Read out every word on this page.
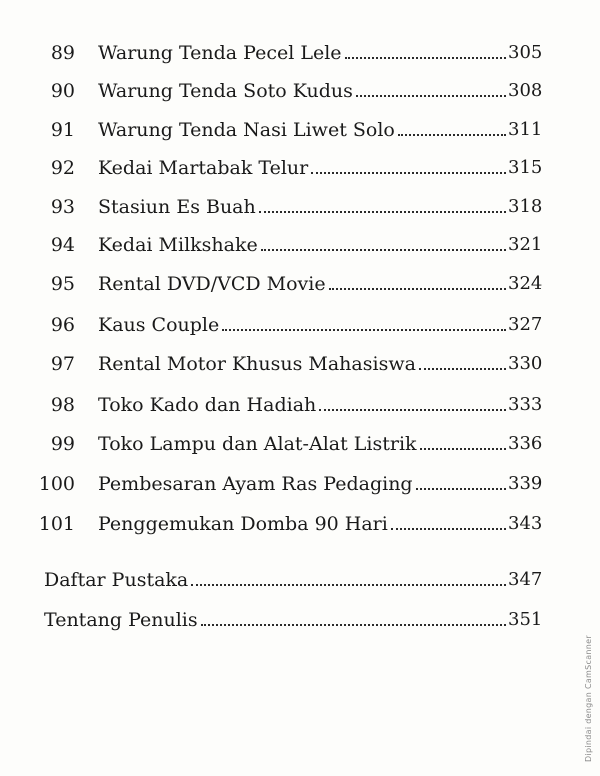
89 Warung Tenda Pecel Lele	305
90 Warung Tenda Soto Kudus	308
91 Warung Tenda Nasi Liwet Solo	311
92 Kedai Martabak Telur	315
93 Stasiun Es Buah	318
94 Kedai Milkshake	321
95 Rental DVD/VCD Movie	324
96 Kaus Couple	327
97 Rental Motor Khusus Mahasiswa	330
98 Toko Kado dan Hadiah	333
99 Toko Lampu dan Alat-Alat Listrik	336
100 Pembesaran Ayam Ras Pedaging	339
101 Penggemukan Domba 90 Hari	343
Daftar Pustaka	347
Tentang Penulis	351
Dipindai dengan CamScanner
